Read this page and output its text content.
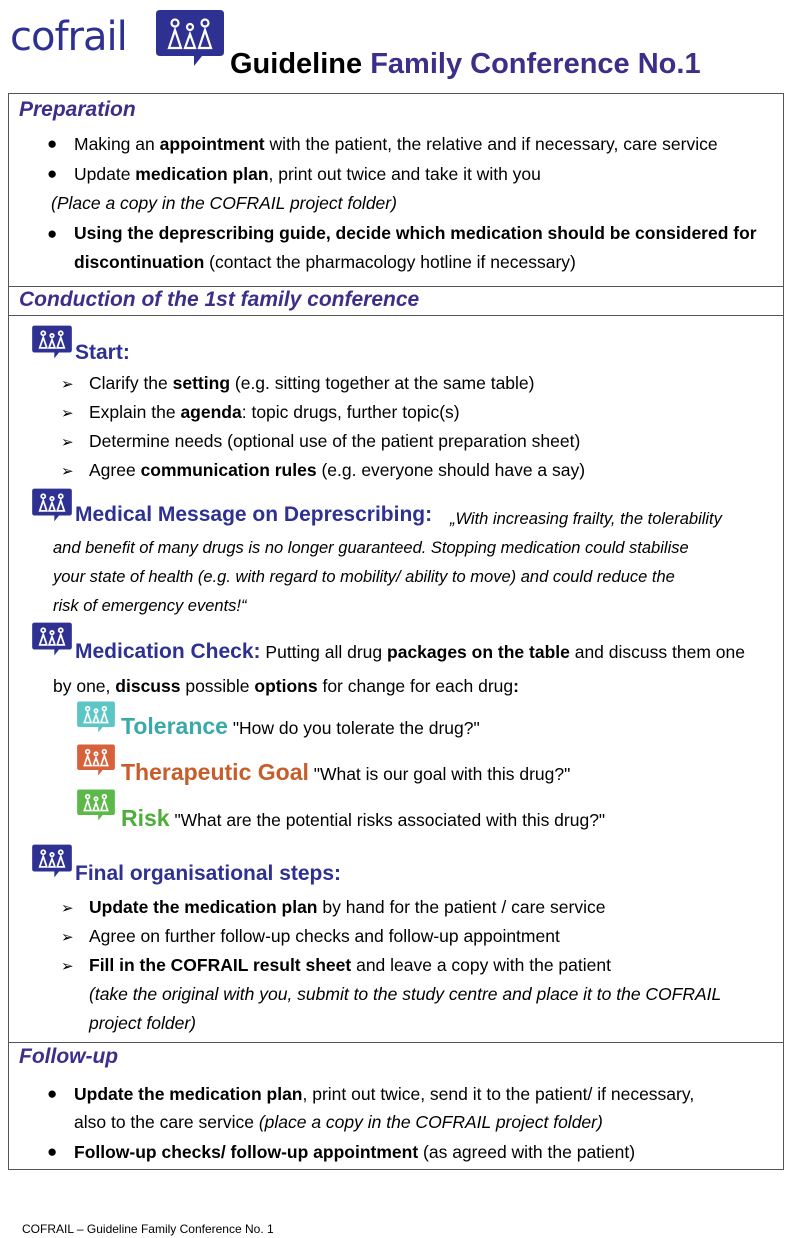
cofrail
Guideline Family Conference No.1
Preparation
● Making an appointment with the patient, the relative and if necessary, care service
● Update medication plan, print out twice and take it with you
(Place a copy in the COFRAIL project folder)
● Using the deprescribing guide, decide which medication should be considered for
discontinuation (contact the pharmacology hotline if necessary)
Conduction of the 1st family conference
Start:
➢ Clarify the setting (e.g. sitting together at the same table)
➢ Explain the agenda: topic drugs, further topic(s)
➢ Determine needs (optional use of the patient preparation sheet)
➢ Agree communication rules (e.g. everyone should have a say)
Medical Message on Deprescribing: „With increasing frailty, the tolerability
and benefit of many drugs is no longer guaranteed. Stopping medication could stabilise
your state of health (e.g. with regard to mobility/ ability to move) and could reduce the
risk of emergency events!“
Medication Check: Putting all drug packages on the table and discuss them one
by one, discuss possible options for change for each drug:
Tolerance "How do you tolerate the drug?"
Therapeutic Goal "What is our goal with this drug?"
Risk "What are the potential risks associated with this drug?"
Final organisational steps:
➢ Update the medication plan by hand for the patient / care service
➢ Agree on further follow-up checks and follow-up appointment
➢ Fill in the COFRAIL result sheet and leave a copy with the patient
(take the original with you, submit to the study centre and place it to the COFRAIL
project folder)
Follow-up
● Update the medication plan, print out twice, send it to the patient/ if necessary,
also to the care service (place a copy in the COFRAIL project folder)
● Follow-up checks/ follow-up appointment (as agreed with the patient)
COFRAIL – Guideline Family Conference No. 1
